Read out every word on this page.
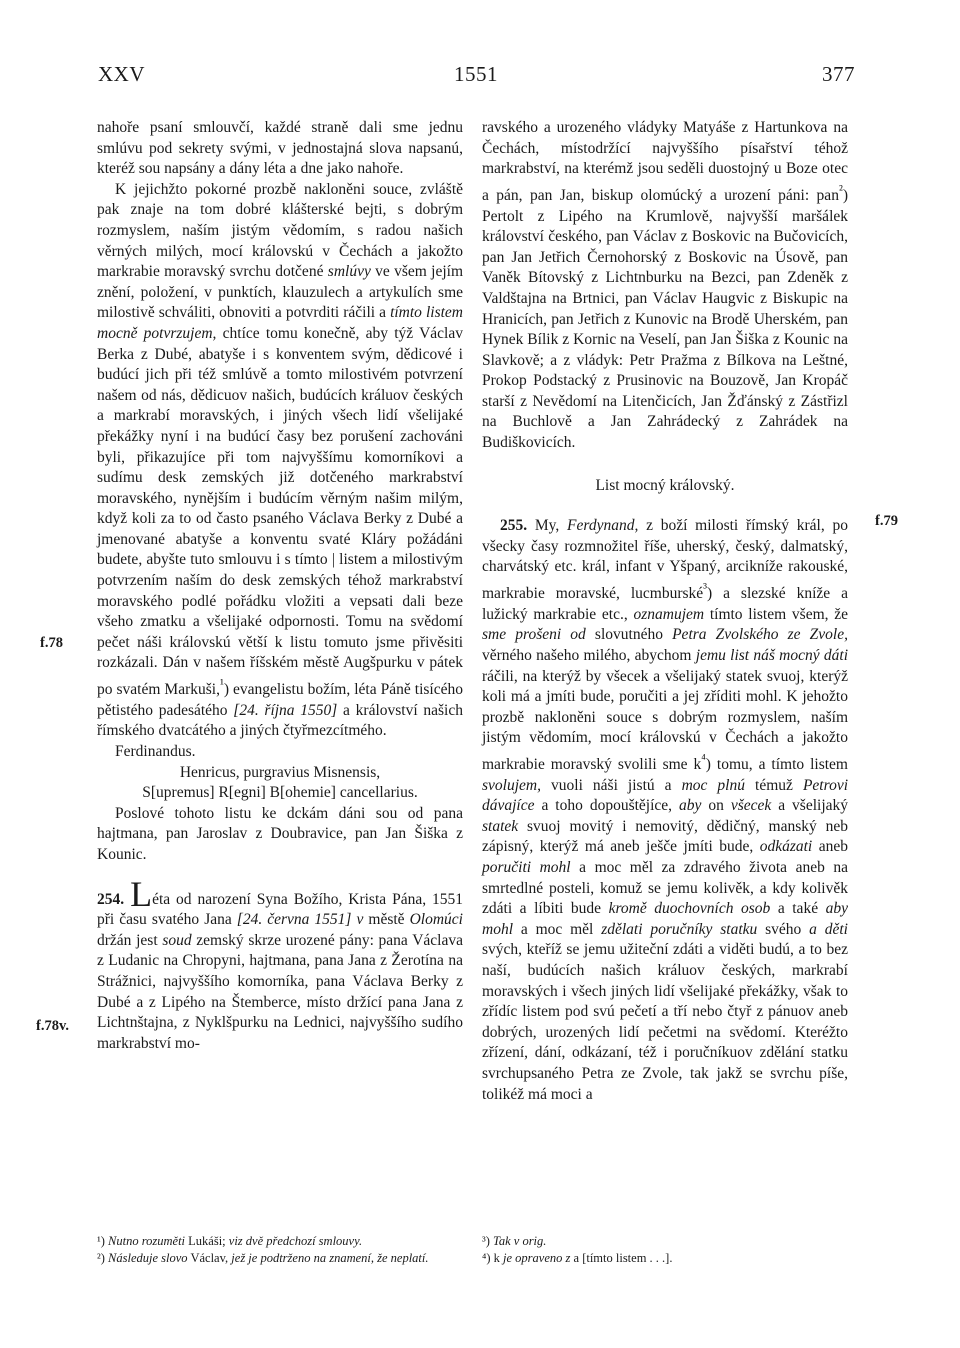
XXV	1551	377
f.78
f.78v.
f.79

nahoře psaní smlouvčí, každé straně dali sme jednu smlúvu pod sekrety svými, v jednostajná slova napsanú, kteréž sou napsány a dány léta a dne jako nahoře.

K jejichžto pokorné prozbě nakloněni souce, zvláště pak znaje na tom dobré klášterské bejti, s dobrým rozmyslem, naším jistým vědomím, s radou našich věrných milých, mocí královskú v Čechách a jakožto markrabie moravský svrchu dotčené smlúvy ve všem jejím znění, položení, v punktích, klauzulech a artykulích sme milostivě schváliti, obnoviti a potvrditi ráčili a tímto listem mocně potvrzujem, chtíce tomu konečně, aby týž Václav Berka z Dubé, abatyše i s konventem svým, dědicové i budúcí jich při též smlúvě a tomto milostivém potvrzení našem od nás, dědicuov našich, budúcích králuov českých a markrabí moravských, i jiných všech lidí všelijaké překážky nyní i na budúcí časy bez porušení zachováni byli, přikazujíce při tom najvyššímu komorníkovi a sudímu desk zemských již dotčeného markrabství moravského, nynějším i budúcím věrným našim milým, když koli za to od často psaného Václava Berky z Dubé a jmenované abatyše a konventu svaté Kláry požádáni budete, abyšte tuto smlouvu i s tímto | listem a milostivým potvrzením naším do desk zemských téhož markrabství moravského podlé pořádku vložiti a vepsati dali beze všeho zmatku a všelijaké odpornosti. Tomu na svědomí pečet náši královskú větší k listu tomuto jsme přivěsiti rozkázali. Dán v našem říšském městě Augšpurku v pátek po svatém Markuši,$^{^1}$) evangelistu božím, léta Páně tisícého pětistého padesátého [24. října 1550] a království našich římského dvatcátého a jiných čtyřmezcítmého.

Ferdinandus.

Henricus, purgravius Misnensis,

S[upremus] R[egni] B[ohemie] cancellarius.

Poslové tohoto listu ke dckám dáni sou od pana hajtmana, pan Jaroslav z Doubravice, pan Jan Šiška z Kounic.

254. Léta od narození Syna Božího, Krista Pána, 1551 při času svatého Jana [24. června 1551] v městě Olomúci držán jest soud zemský skrze urozené pány: pana Václava z Ludanic na Chropyni, hajtmana, pana Jana z Žerotína na Strážnici, najvyššího komorníka, pana Václava Berky z Dubé a z Lipého na Štemberce, místo držící pana Jana z Lichtnštajna, z Nyklšpurku na Lednici, najvyššího sudího markrabství mo-

ravského a urozeného vládyky Matyáše z Hartunkova na Čechách, místodržící najvyššího písařství téhož markrabství, na kterémž jsou seděli duostojný u Boze otec a pán, pan Jan, biskup olomúcký a urození páni: pan$^{^2}$) Pertolt z Lipého na Krumlově, najvyšší maršálek království českého, pan Václav z Boskovic na Bučovicích, pan Jan Jetřich Černohorský z Boskovic na Úsově, pan Vaněk Bítovský z Lichtnburku na Bezci, pan Zdeněk z Valdštajna na Brtnici, pan Václav Haugvic z Biskupic na Hranicích, pan Jetřich z Kunovic na Brodě Uherském, pan Hynek Bílik z Kornic na Veselí, pan Jan Šiška z Kounic na Slavkově; a z vládyk: Petr Pražma z Bílkova na Leštné, Prokop Podstacký z Prusinovic na Bouzově, Jan Kropáč starší z Nevědomí na Litenčicích, Jan Žďánský z Zástřizl na Buchlově a Jan Zahrádecký z Zahrádek na Budiškovicích.

List mocný královský.

255. My, Ferdynand, z boží milosti římský král, po všecky časy rozmnožitel říše, uherský, český, dalmatský, charvátský etc. král, infant v Yšpaný, arcikníže rakouské, markrabie moravské, lucmburské$^{^3}$) a slezské kníže a lužický markrabie etc., oznamujem tímto listem všem, že sme prošeni od slovutného Petra Zvolského ze Zvole, věrného našeho milého, abychom jemu list náš mocný dáti ráčili, na kterýž by všecek a všelijaký statek svuoj, kterýž koli má a jmíti bude, poručiti a jej zříditi mohl. K jehožto prozbě nakloněni souce s dobrým rozmyslem, naším jistým vědomím, mocí královskú v Čechách a jakožto markrabie moravský svolili sme $k^{^4}$) tomu, a tímto listem svolujem, vuoli náši jistú a moc plnú témuž Petrovi dávajíce a toho dopouštějíce, aby on všecek a všelijaký statek svuoj movitý i nemovitý, dědičný, manský neb zápisný, kterýž má aneb ješče jmíti bude, odkázati aneb poručiti mohl a moc měl za zdravého života aneb na smrtedlné posteli, komuž se jemu kolivěk, a kdy kolivěk zdáti a líbiti bude kromě duochovních osob a také aby mohl a moc měl zdělati poručníky statku svého a děti svých, kteříž se jemu užitеční zdáti a viděti budú, a to bez naší, budúcích našich králuov českých, markrabí moravských i všech jiných lidí všelijaké překážky, však to zřídíc listem pod svú pečetí a tří nebo čtyř z pánuov aneb dobrých, urozených lidí pečetmi na svědomí. Kteréžto zřízení, dání, odkázaní, též i poručníkuov zdělání statku svrchupsaného Petra ze Zvole, tak jakž se svrchu píše, tolikéž má moci a

¹) Nutno rozuměti Lukáši; viz dvě předchozí smlouvy.

²) Následuje slovo Václav, jež je podtrženo na znamení, že neplatí.

³) Tak v orig.

⁴) k je opraveno z a [tímto listem . . .].
